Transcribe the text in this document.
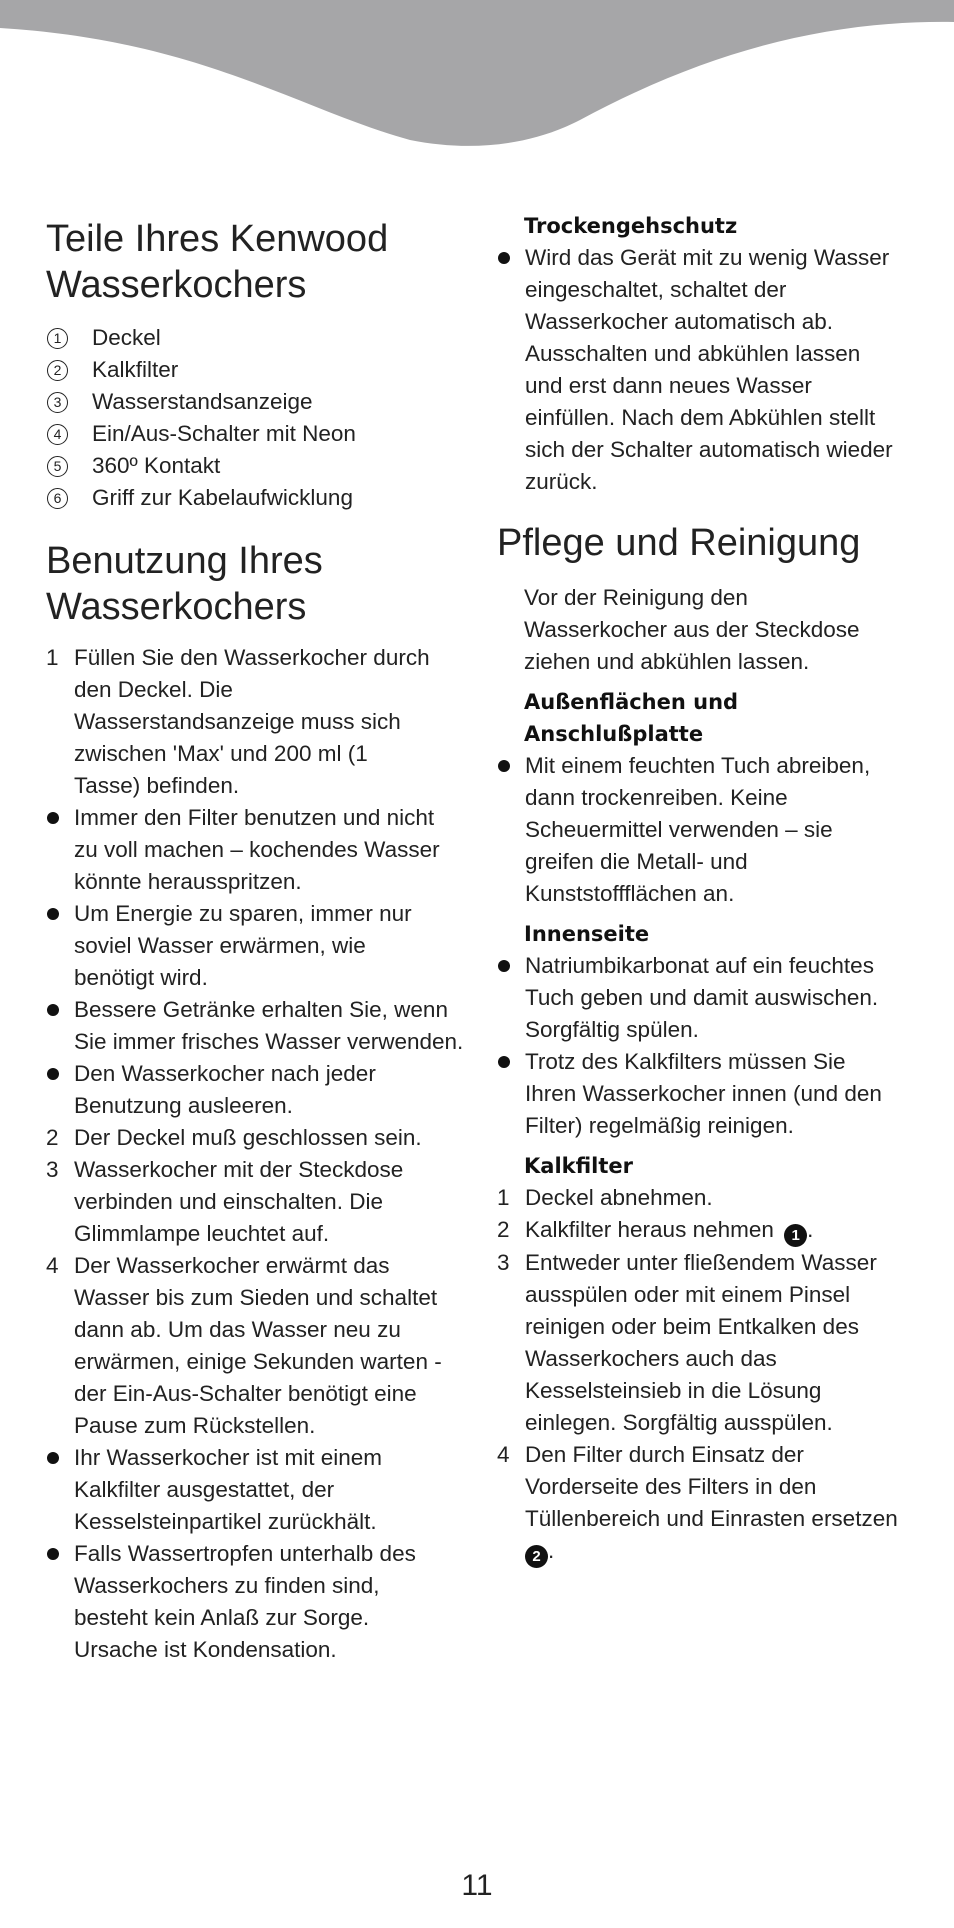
Teile Ihres Kenwood
Wasserkochers
1 Deckel
2 Kalkfilter
3 Wasserstandsanzeige
4 Ein/Aus-Schalter mit Neon
5 360º Kontakt
6 Griff zur Kabelaufwicklung
Benutzung Ihres
Wasserkochers
1 Füllen Sie den Wasserkocher durch
den Deckel. Die
Wasserstandsanzeige muss sich
zwischen 'Max' und 200 ml (1
Tasse) befinden.
Immer den Filter benutzen und nicht
zu voll machen – kochendes Wasser
könnte herausspritzen.
Um Energie zu sparen, immer nur
soviel Wasser erwärmen, wie
benötigt wird.
Bessere Getränke erhalten Sie, wenn
Sie immer frisches Wasser verwenden.
Den Wasserkocher nach jeder
Benutzung ausleeren.
2 Der Deckel muß geschlossen sein.
3 Wasserkocher mit der Steckdose
verbinden und einschalten. Die
Glimmlampe leuchtet auf.
4 Der Wasserkocher erwärmt das
Wasser bis zum Sieden und schaltet
dann ab. Um das Wasser neu zu
erwärmen, einige Sekunden warten -
der Ein-Aus-Schalter benötigt eine
Pause zum Rückstellen.
Ihr Wasserkocher ist mit einem
Kalkfilter ausgestattet, der
Kesselsteinpartikel zurückhält.
Falls Wassertropfen unterhalb des
Wasserkochers zu finden sind,
besteht kein Anlaß zur Sorge.
Ursache ist Kondensation.
Trockengehschutz
Wird das Gerät mit zu wenig Wasser
eingeschaltet, schaltet der
Wasserkocher automatisch ab.
Ausschalten und abkühlen lassen
und erst dann neues Wasser
einfüllen. Nach dem Abkühlen stellt
sich der Schalter automatisch wieder
zurück.
Pflege und Reinigung

Vor der Reinigung den
Wasserkocher aus der Steckdose
ziehen und abkühlen lassen.

Außenflächen und
Anschlußplatte
Mit einem feuchten Tuch abreiben,
dann trockenreiben. Keine
Scheuermittel verwenden – sie
greifen die Metall- und
Kunststoffflächen an.
Innenseite
Natriumbikarbonat auf ein feuchtes
Tuch geben und damit auswischen.
Sorgfältig spülen.
Trotz des Kalkfilters müssen Sie
Ihren Wasserkocher innen (und den
Filter) regelmäßig reinigen.
Kalkfilter
1 Deckel abnehmen.
2 Kalkfilter heraus nehmen 1 .
3 Entweder unter fließendem Wasser
ausspülen oder mit einem Pinsel
reinigen oder beim Entkalken des
Wasserkochers auch das
Kesselsteinsieb in die Lösung
einlegen. Sorgfältig ausspülen.
4 Den Filter durch Einsatz der
Vorderseite des Filters in den
Tüllenbereich und Einrasten ersetzen
2 .
11
